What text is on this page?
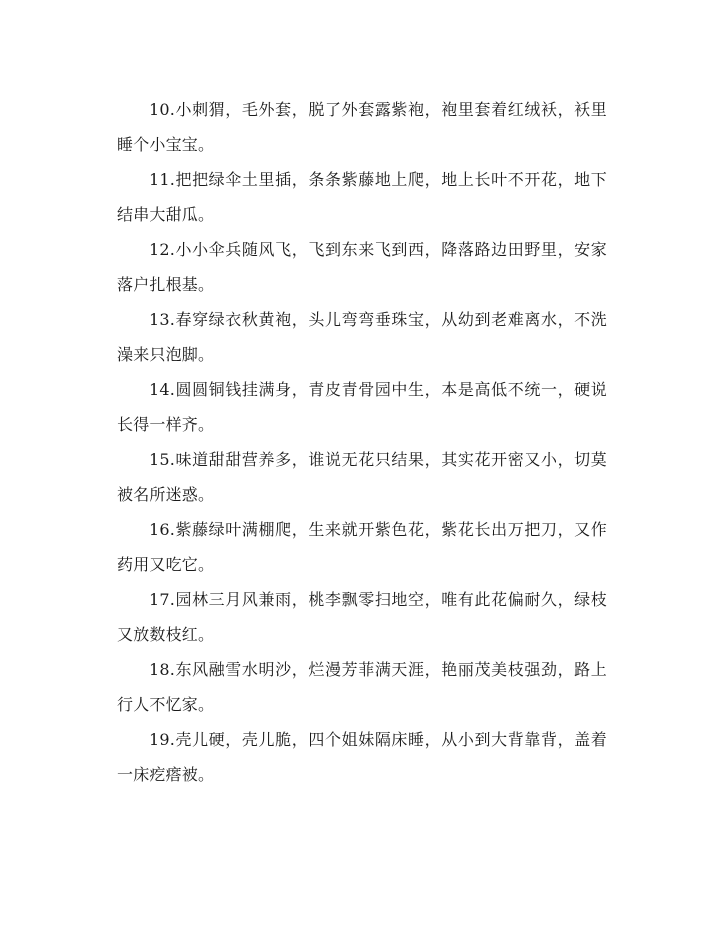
10.小刺猬，毛外套，脱了外套露紫袍，袍里套着红绒袄，袄里睡个小宝宝。

11.把把绿伞土里插，条条紫藤地上爬，地上长叶不开花，地下结串大甜瓜。

12.小小伞兵随风飞，飞到东来飞到西，降落路边田野里，安家落户扎根基。

13.春穿绿衣秋黄袍，头儿弯弯垂珠宝，从幼到老难离水，不洗澡来只泡脚。

14.圆圆铜钱挂满身，青皮青骨园中生，本是高低不统一，硬说长得一样齐。

15.味道甜甜营养多，谁说无花只结果，其实花开密又小，切莫被名所迷惑。

16.紫藤绿叶满棚爬，生来就开紫色花，紫花长出万把刀，又作药用又吃它。

17.园林三月风兼雨，桃李飘零扫地空，唯有此花偏耐久，绿枝又放数枝红。

18.东风融雪水明沙，烂漫芳菲满天涯，艳丽茂美枝强劲，路上行人不忆家。

19.壳儿硬，壳儿脆，四个姐妹隔床睡，从小到大背靠背，盖着一床疙瘩被。
